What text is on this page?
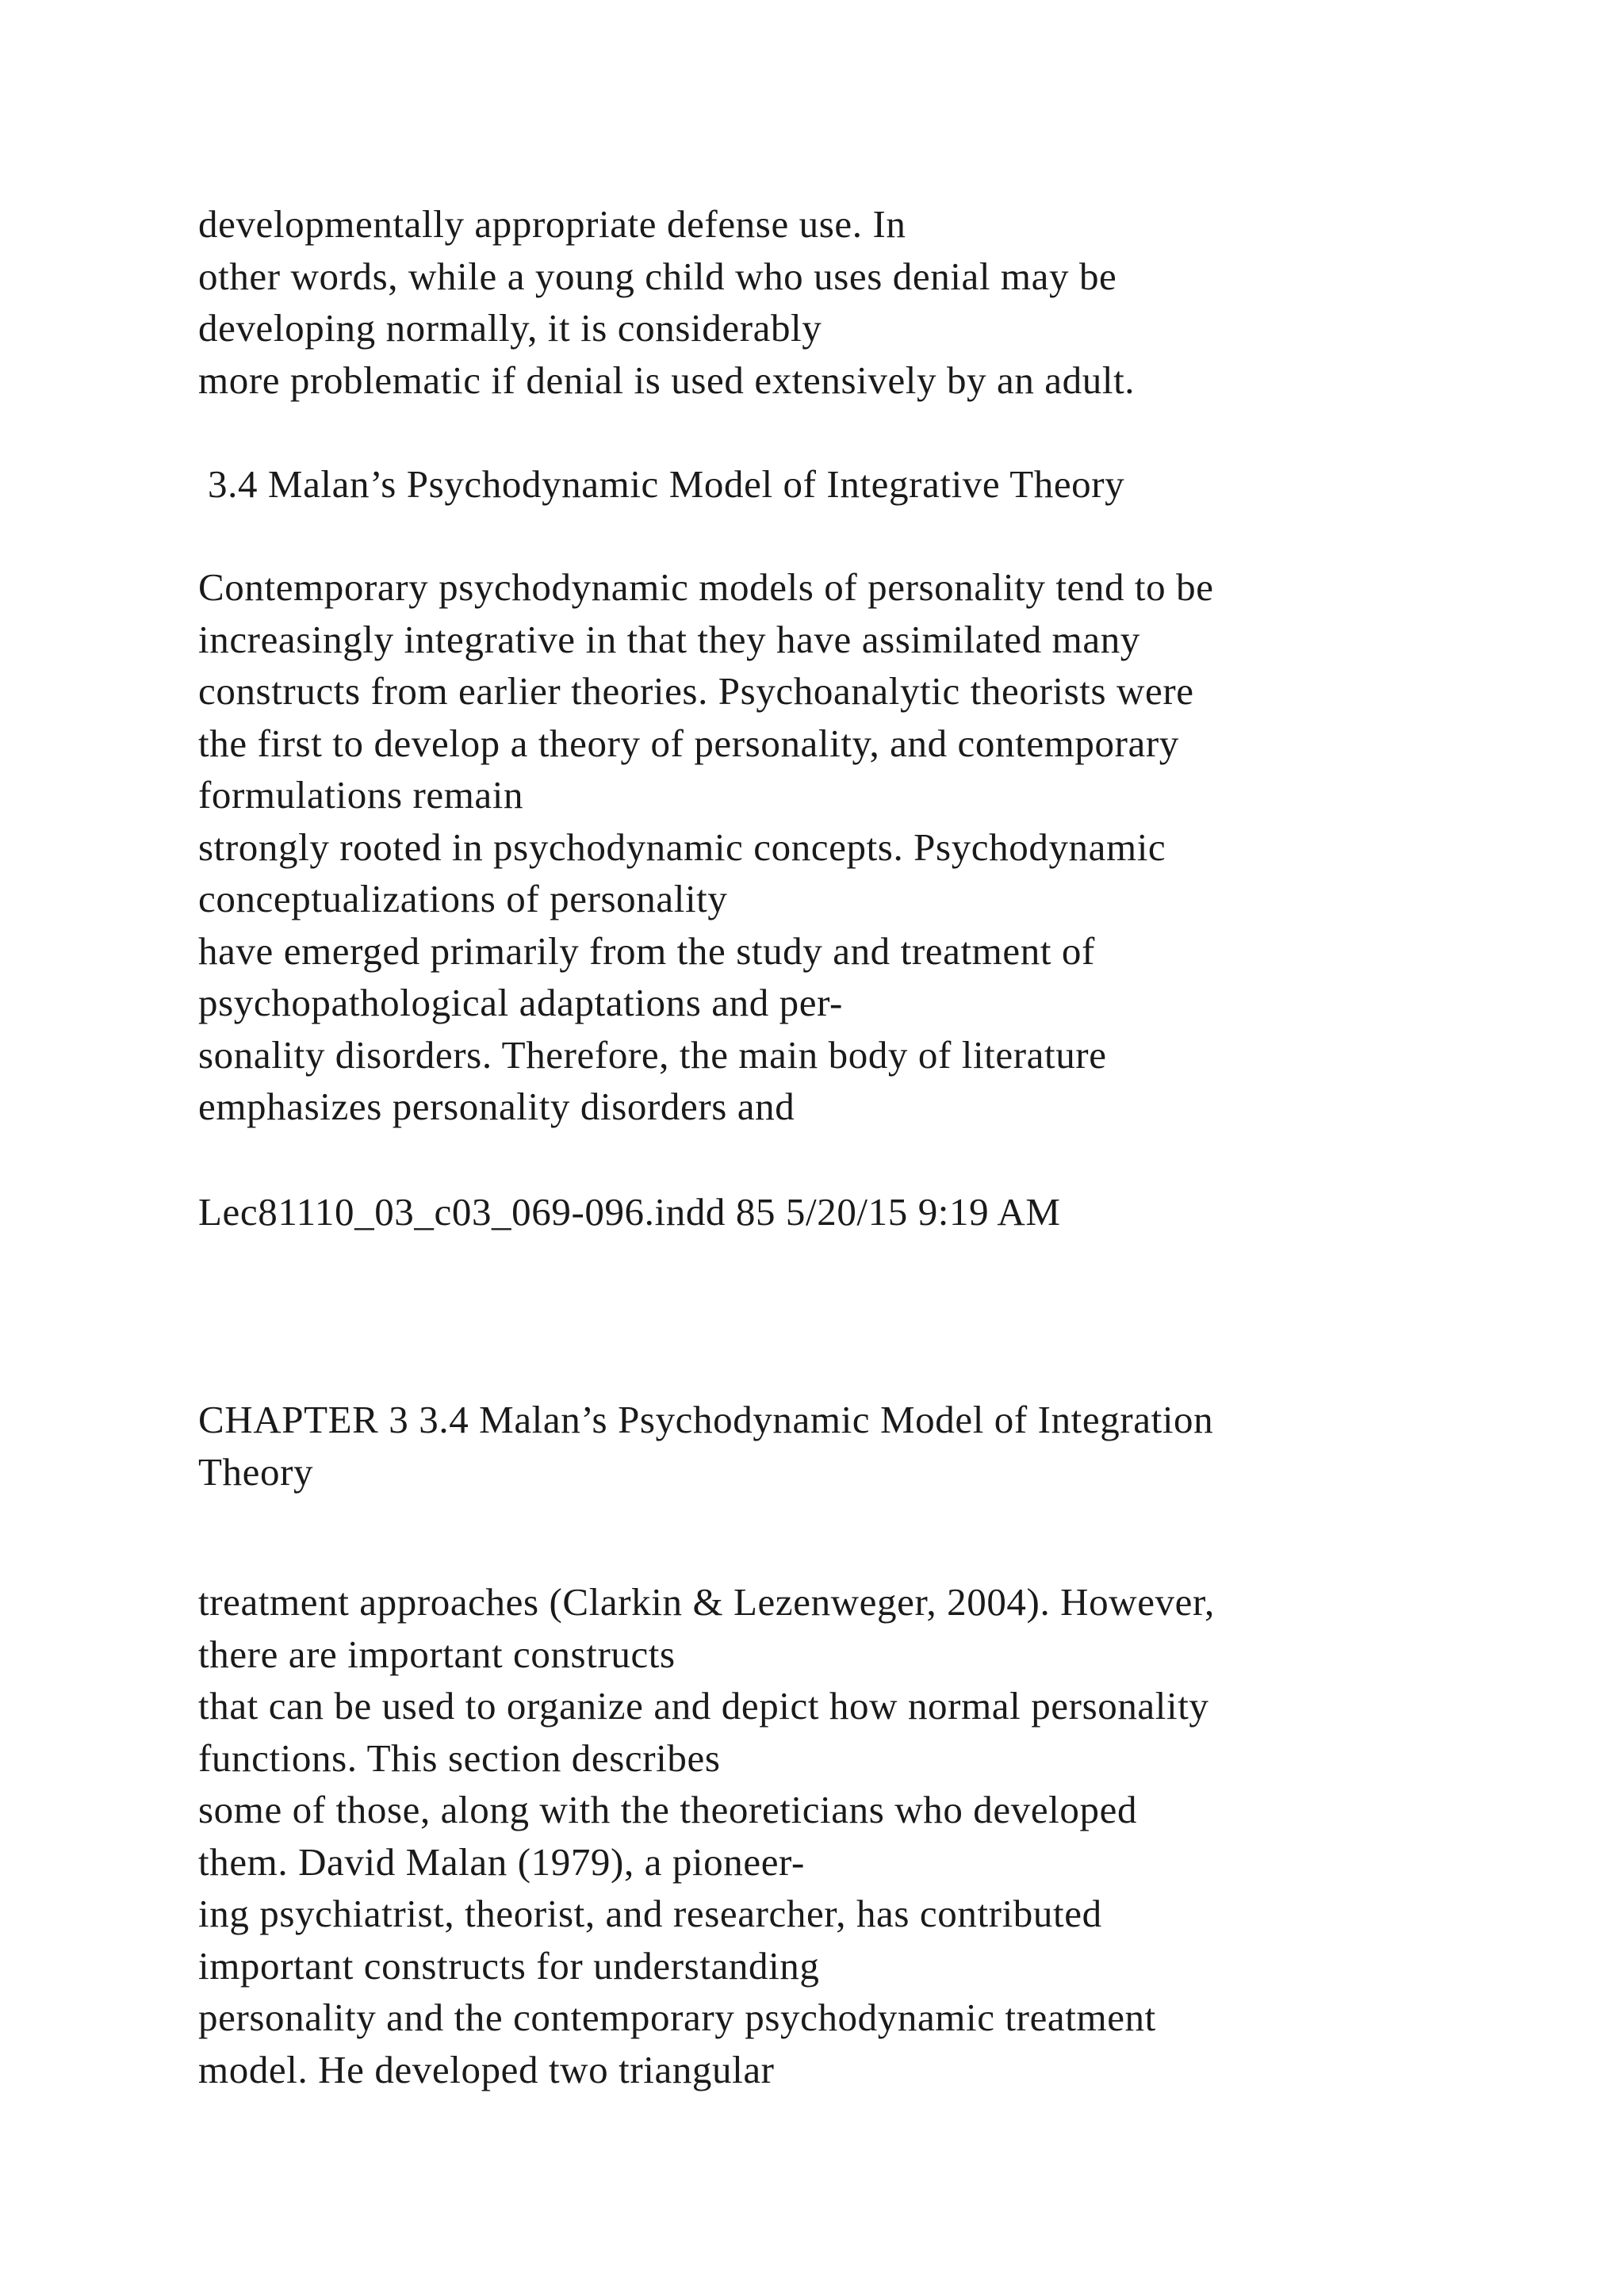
developmentally appropriate defense use. In
other words, while a young child who uses denial may be
developing normally, it is considerably
more problematic if denial is used extensively by an adult.
3.4 Malan’s Psychodynamic Model of Integrative Theory
Contemporary psychodynamic models of personality tend to be
increasingly integrative in that they have assimilated many
constructs from earlier theories. Psychoanalytic theorists were
the first to develop a theory of personality, and contemporary
formulations remain
strongly rooted in psychodynamic concepts. Psychodynamic
conceptualizations of personality
have emerged primarily from the study and treatment of
psychopathological adaptations and per-
sonality disorders. Therefore, the main body of literature
emphasizes personality disorders and
Lec81110_03_c03_069-096.indd 85 5/20/15 9:19 AM
CHAPTER 3 3.4 Malan’s Psychodynamic Model of Integration
Theory
treatment approaches (Clarkin & Lezenweger, 2004). However,
there are important constructs
that can be used to organize and depict how normal personality
functions. This section describes
some of those, along with the theoreticians who developed
them. David Malan (1979), a pioneer-
ing psychiatrist, theorist, and researcher, has contributed
important constructs for understanding
personality and the contemporary psychodynamic treatment
model. He developed two triangular
